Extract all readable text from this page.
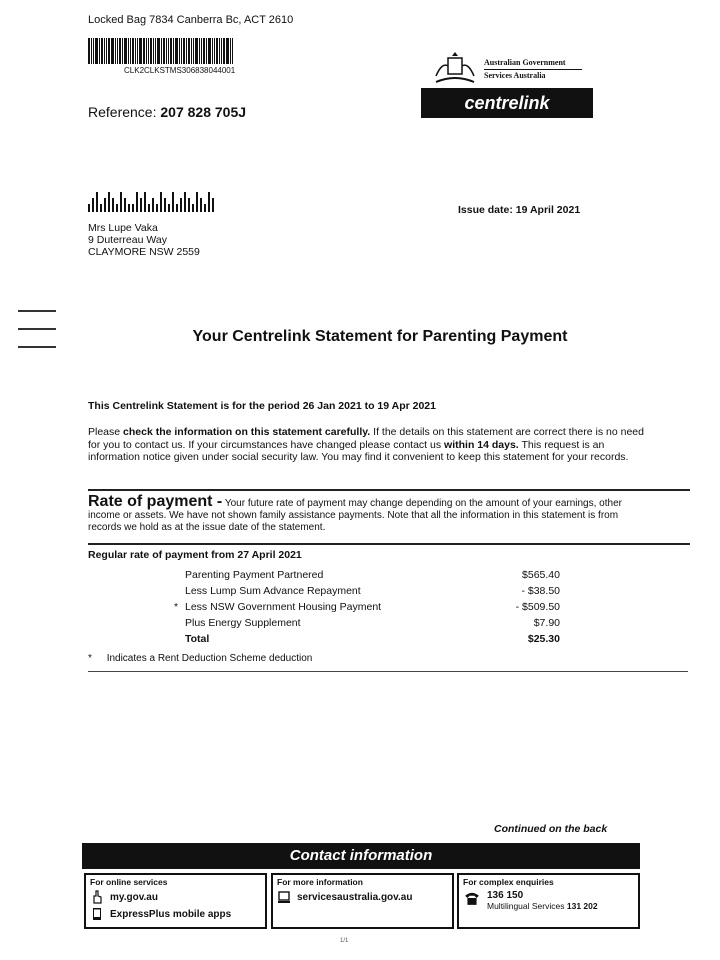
Locked Bag 7834 Canberra Bc, ACT 2610
CLK2CLKSTMS306838044001
Reference: 207 828 705J
Australian Government
Services Australia
centrelink
Issue date: 19 April 2021
Mrs Lupe Vaka
9 Duterreau Way
CLAYMORE NSW 2559
Your Centrelink Statement for Parenting Payment
This Centrelink Statement is for the period 26 Jan 2021 to 19 Apr 2021
Please check the information on this statement carefully. If the details on this statement are correct there is no need for you to contact us. If your circumstances have changed please contact us within 14 days. This request is an information notice given under social security law. You may find it convenient to keep this statement for your records.
Rate of payment - Your future rate of payment may change depending on the amount of your earnings, other income or assets. We have not shown family assistance payments. Note that all the information in this statement is from records we hold as at the issue date of the statement.
Regular rate of payment from 27 April 2021
Parenting Payment Partnered	$565.40
Less Lump Sum Advance Repayment	- $38.50
* Less NSW Government Housing Payment	- $509.50
Plus Energy Supplement	$7.90
Total	$25.30
* Indicates a Rent Deduction Scheme deduction
Continued on the back
Contact information
For online services
my.gov.au
ExpressPlus mobile apps
For more information
servicesaustralia.gov.au
For complex enquiries
136 150
Multilingual Services 131 202
1/1
